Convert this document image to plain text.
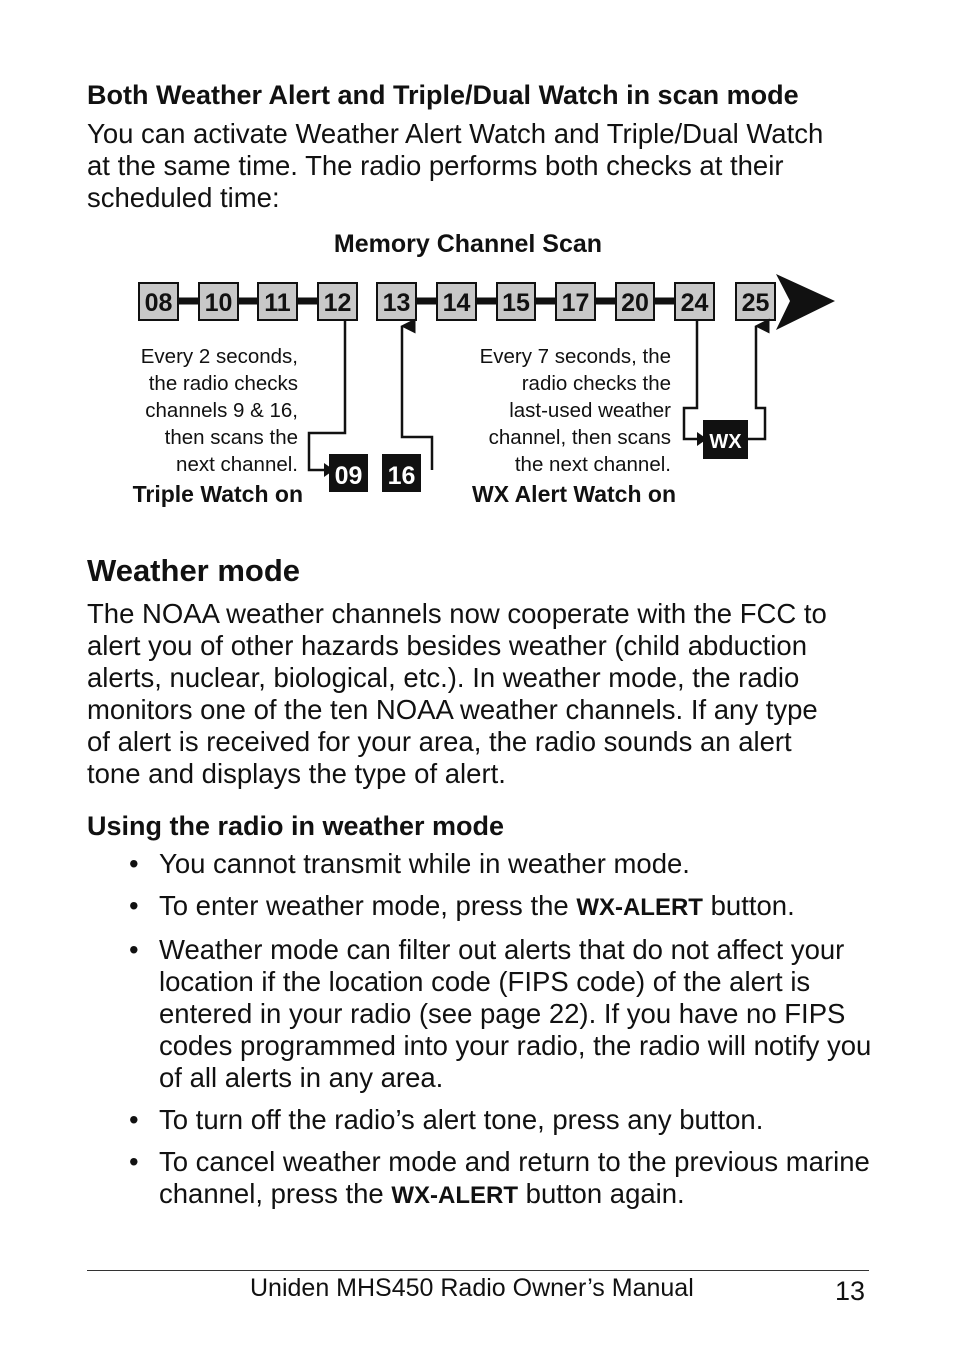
Both Weather Alert and Triple/Dual Watch in scan mode

You can activate Weather Alert Watch and Triple/Dual Watch
at the same time. The radio performs both checks at their
scheduled time:

Memory Channel Scan
08 10 11 12 13 14 15 17 20 24 25
09 16
WX
Every 2 seconds,
the radio checks
channels 9 & 16,
then scans the
next channel.
Triple Watch on
Every 7 seconds, the
radio checks the
last-used weather
channel, then scans
the next channel.
WX Alert Watch on
Weather mode

The NOAA weather channels now cooperate with the FCC to
alert you of other hazards besides weather (child abduction
alerts, nuclear, biological, etc.). In weather mode, the radio
monitors one of the ten NOAA weather channels. If any type
of alert is received for your area, the radio sounds an alert
tone and displays the type of alert.

Using the radio in weather mode
• You cannot transmit while in weather mode.
• To enter weather mode, press the WX-ALERT button.
• Weather mode can filter out alerts that do not affect your location if the location code (FIPS code) of the alert is entered in your radio (see page 22). If you have no FIPS codes programmed into your radio, the radio will notify you of all alerts in any area.
• To turn off the radio’s alert tone, press any button.
• To cancel weather mode and return to the previous marine channel, press the WX-ALERT button again.
Uniden MHS450 Radio Owner’s Manual	13
